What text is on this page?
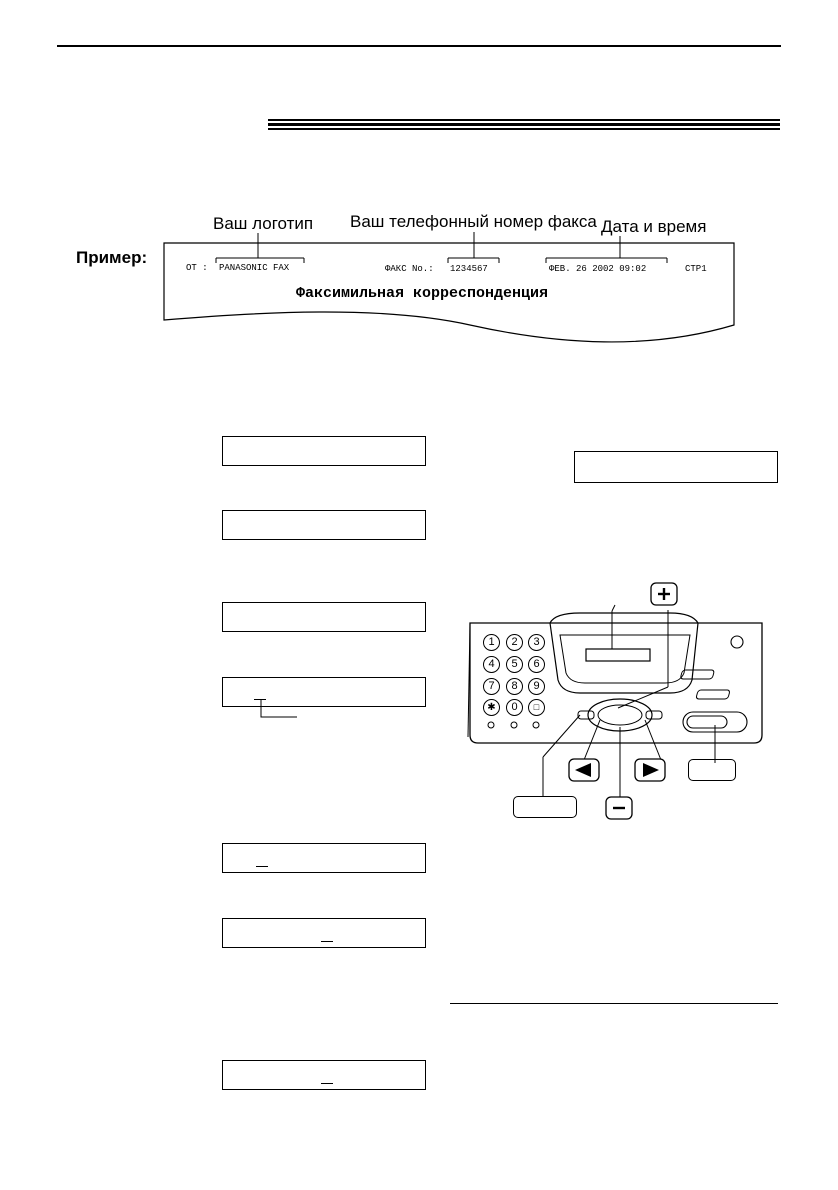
Пример:
Ваш логотип Ваш телефонный номер факса Дата и время
ОТ : PANASONIC FAX	ФАКС No.: 1234567	ФЕВ. 26 2002 09:02	СТР1
Факсимильная корреспонденция
1	2	3
4	5	6
7	8	9
✱	0	□
